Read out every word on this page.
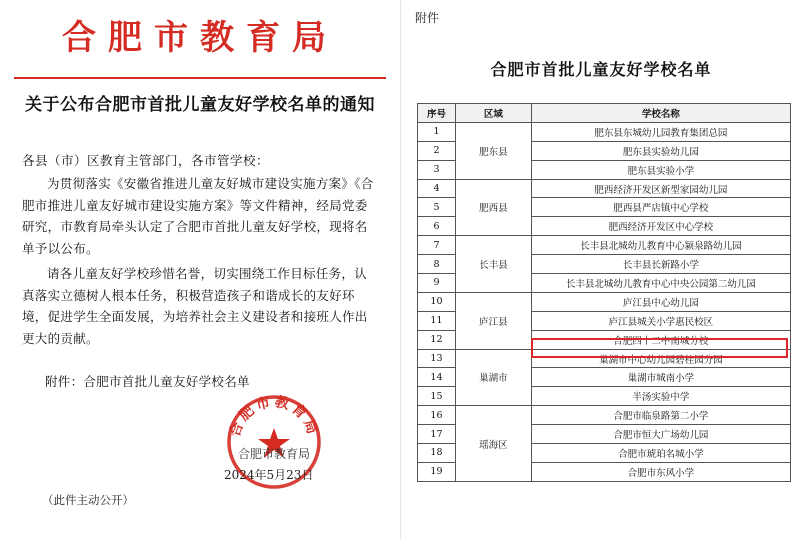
合肥市教育局
关于公布合肥市首批儿童友好学校名单的通知
各县（市）区教育主管部门，各市管学校：

为贯彻落实《安徽省推进儿童友好城市建设实施方案》《合肥市推进儿童友好城市建设实施方案》等文件精神，经局党委研究，市教育局牵头认定了合肥市首批儿童友好学校，现将名单予以公布。

请各儿童友好学校珍惜名誉，切实围绕工作目标任务，认真落实立德树人根本任务，积极营造孩子和谐成长的友好环境，促进学生全面发展，为培养社会主义建设者和接班人作出更大的贡献。

附件：合肥市首批儿童友好学校名单
合肥市教育局
合肥市教育局
2024年5月23日
（此件主动公开）
附件
合肥市首批儿童友好学校名单
序号	区域	学校名称
1	肥东县	肥东县东城幼儿园教育集团总园
2		肥东县实验幼儿园
3		肥东县实验小学
4	肥西县	肥西经济开发区新型家园幼儿园
5		肥西县严店镇中心学校
6		肥西经济开发区中心学校
7	长丰县	长丰县北城幼儿教育中心颍泉路幼儿园
8		长丰县长新路小学
9		长丰县北城幼儿教育中心中央公园第二幼儿园
10	庐江县	庐江县中心幼儿园
11		庐江县城关小学惠民校区
12		合肥四十二中南城分校
13	巢湖市	巢湖市中心幼儿园碧桂园分园
14		巢湖市城南小学
15		半汤实验中学
16	瑶海区	合肥市临泉路第二小学
17		合肥市恒大广场幼儿园
18		合肥市琥珀名城小学
19		合肥市东风小学
